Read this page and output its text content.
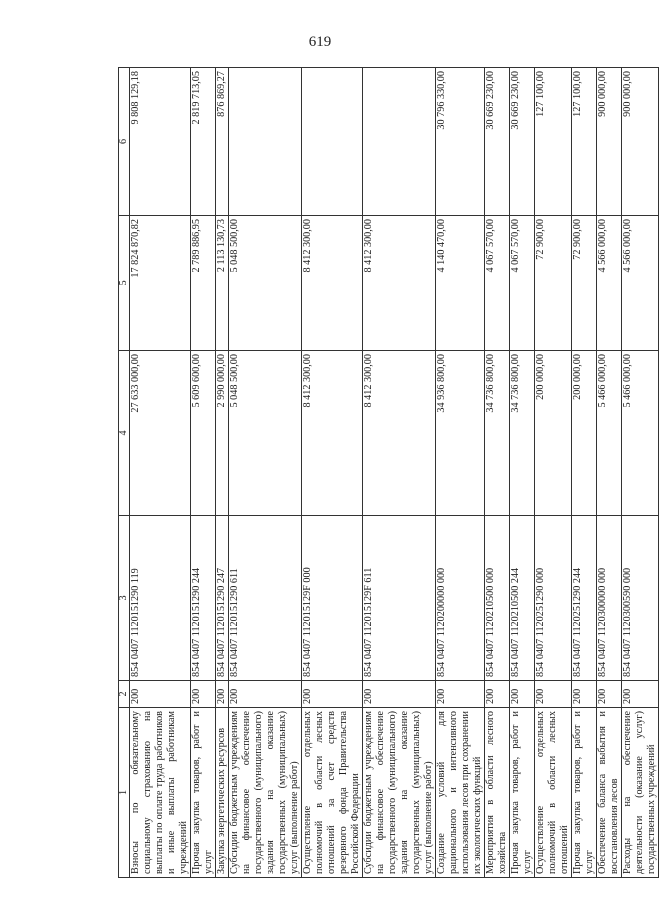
619
1	2	3	4	5	6
Взносы по обязательному социальному страхованию на выплаты по оплате труда работников и иные выплаты работникам учреждений	200	854 0407 1120151290 119	27 633 000,00	17 824 870,82	9 808 129,18
Прочая закупка товаров, работ и услуг	200	854 0407 1120151290 244	5 609 600,00	2 789 886,95	2 819 713,05
Закупка энергетических ресурсов	200	854 0407 1120151290 247	2 990 000,00	2 113 130,73	876 869,27
Субсидии бюджетным учреждениям на финансовое обеспечение государственного (муниципального) задания на оказание государственных (муниципальных) услуг (выполнение работ)	200	854 0407 1120151290 611	5 048 500,00	5 048 500,00	
Осуществление отдельных полномочий в области лесных отношений за счет средств резервного фонда Правительства Российской Федерации	200	854 0407 112015129F 000	8 412 300,00	8 412 300,00	
Субсидии бюджетным учреждениям на финансовое обеспечение государственного (муниципального) задания на оказание государственных (муниципальных) услуг (выполнение работ)	200	854 0407 112015129F 611	8 412 300,00	8 412 300,00	
Создание условий для рационального и интенсивного использования лесов при сохранении их экологических функций	200	854 0407 1120200000 000	34 936 800,00	4 140 470,00	30 796 330,00
Мероприятия в области лесного хозяйства	200	854 0407 1120210500 000	34 736 800,00	4 067 570,00	30 669 230,00
Прочая закупка товаров, работ и услуг	200	854 0407 1120210500 244	34 736 800,00	4 067 570,00	30 669 230,00
Осуществление отдельных полномочий в области лесных отношений	200	854 0407 1120251290 000	200 000,00	72 900,00	127 100,00
Прочая закупка товаров, работ и услуг	200	854 0407 1120251290 244	200 000,00	72 900,00	127 100,00
Обеспечение баланса выбытия и восстановления лесов	200	854 0407 1120300000 000	5 466 000,00	4 566 000,00	900 000,00
Расходы на обеспечение деятельности (оказание услуг) государственных учреждений	200	854 0407 1120300590 000	5 466 000,00	4 566 000,00	900 000,00
